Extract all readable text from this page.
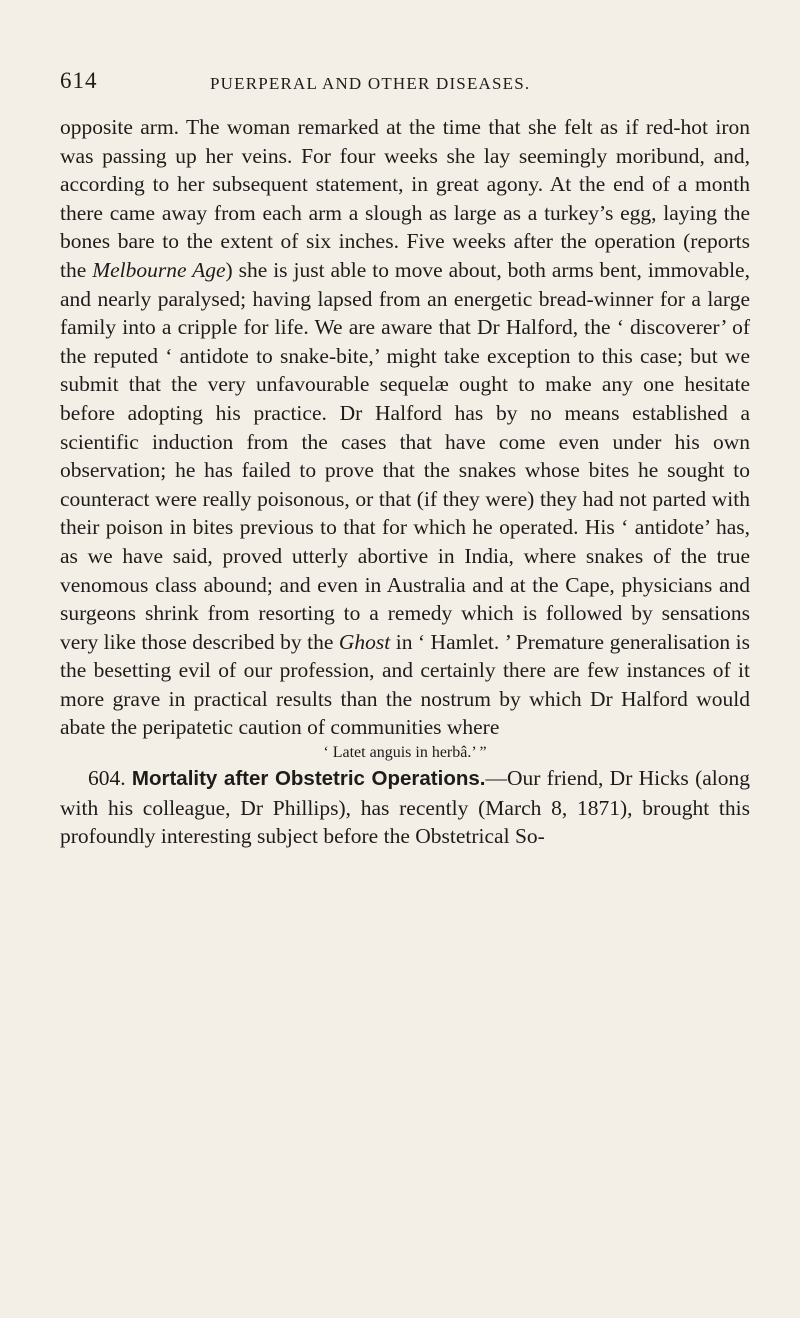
614	PUERPERAL AND OTHER DISEASES.

opposite arm. The woman remarked at the time that she felt as if red-hot iron was passing up her veins. For four weeks she lay seemingly moribund, and, according to her subsequent statement, in great agony. At the end of a month there came away from each arm a slough as large as a turkey’s egg, laying the bones bare to the extent of six inches. Five weeks after the operation (reports the Melbourne Age) she is just able to move about, both arms bent, immovable, and nearly paralysed; having lapsed from an energetic bread-winner for a large family into a cripple for life. We are aware that Dr Halford, the ‘ discoverer’ of the reputed ‘ antidote to snake-bite,’ might take exception to this case; but we submit that the very unfavourable sequelæ ought to make any one hesitate before adopting his practice. Dr Halford has by no means established a scientific induction from the cases that have come even under his own observation; he has failed to prove that the snakes whose bites he sought to counteract were really poisonous, or that (if they were) they had not parted with their poison in bites previous to that for which he operated. His ‘ antidote’ has, as we have said, proved utterly abortive in India, where snakes of the true venomous class abound; and even in Australia and at the Cape, physicians and surgeons shrink from resorting to a remedy which is followed by sensations very like those described by the Ghost in ‘ Hamlet. ’ Premature generalisation is the besetting evil of our profession, and certainly there are few instances of it more grave in practical results than the nostrum by which Dr Halford would abate the peripatetic caution of communities where

‘ Latet anguis in herbâ.’ ”

604. Mortality after Obstetric Operations.—Our friend, Dr Hicks (along with his colleague, Dr Phillips), has recently (March 8, 1871), brought this profoundly interesting subject before the Obstetrical So-
